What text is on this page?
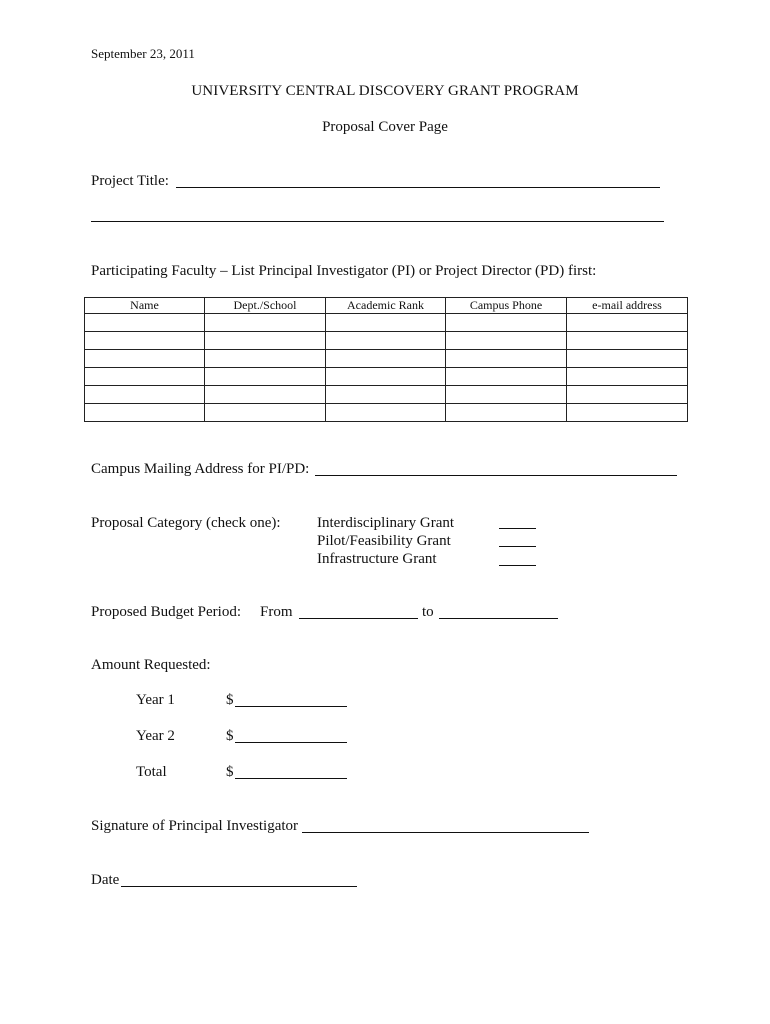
September 23, 2011
UNIVERSITY CENTRAL DISCOVERY GRANT PROGRAM
Proposal Cover Page
Project Title:
Participating Faculty – List Principal Investigator (PI) or Project Director (PD) first:
Name	Dept./School	Academic Rank	Campus Phone	e-mail address

Campus Mailing Address for PI/PD:
Proposal Category (check one): Interdisciplinary Grant
Pilot/Feasibility Grant
Infrastructure Grant
Proposed Budget Period: From	to
Amount Requested:
Year 1	$
Year 2	$
Total	$
Signature of Principal Investigator
Date
